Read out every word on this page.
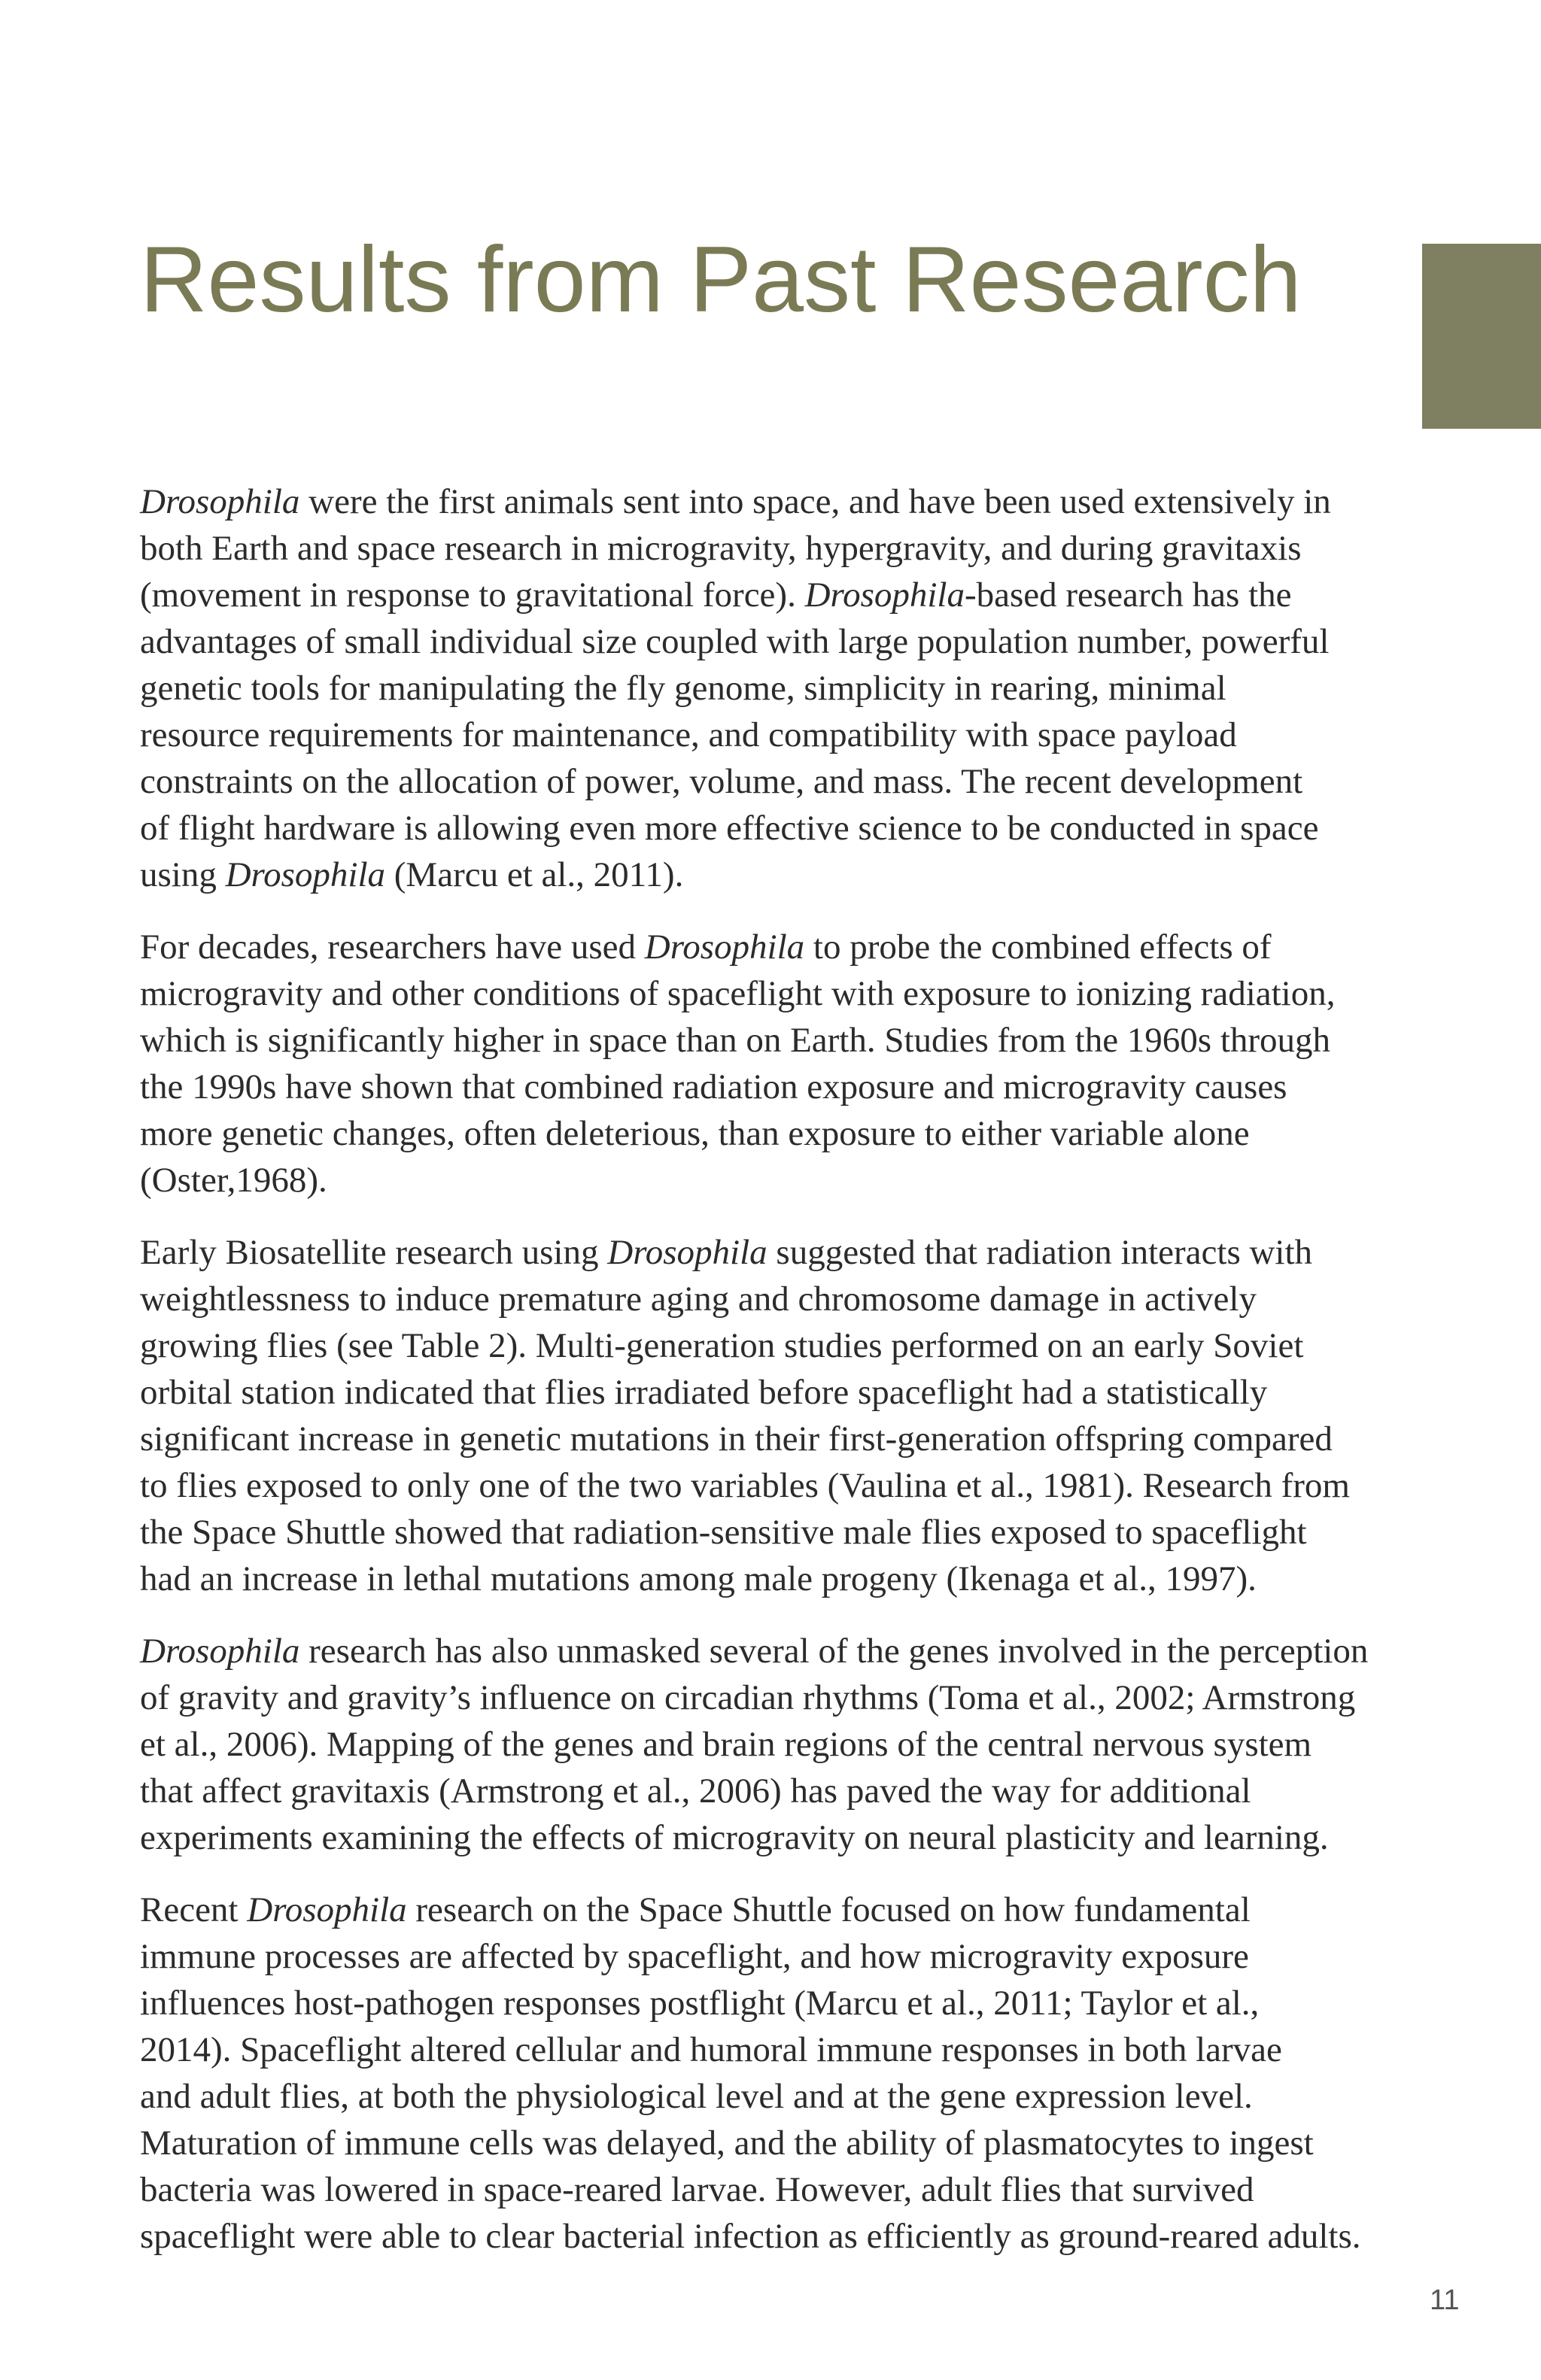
Results from Past Research

Drosophila were the first animals sent into space, and have been used extensively in
both Earth and space research in microgravity, hypergravity, and during gravitaxis
(movement in response to gravitational force). Drosophila-based research has the
advantages of small individual size coupled with large population number, powerful
genetic tools for manipulating the fly genome, simplicity in rearing, minimal
resource requirements for maintenance, and compatibility with space payload
constraints on the allocation of power, volume, and mass. The recent development
of flight hardware is allowing even more effective science to be conducted in space
using Drosophila (Marcu et al., 2011).

For decades, researchers have used Drosophila to probe the combined effects of
microgravity and other conditions of spaceflight with exposure to ionizing radiation,
which is significantly higher in space than on Earth. Studies from the 1960s through
the 1990s have shown that combined radiation exposure and microgravity causes
more genetic changes, often deleterious, than exposure to either variable alone
(Oster,1968).

Early Biosatellite research using Drosophila suggested that radiation interacts with
weightlessness to induce premature aging and chromosome damage in actively
growing flies (see Table 2). Multi-generation studies performed on an early Soviet
orbital station indicated that flies irradiated before spaceflight had a statistically
significant increase in genetic mutations in their first-generation offspring compared
to flies exposed to only one of the two variables (Vaulina et al., 1981). Research from
the Space Shuttle showed that radiation-sensitive male flies exposed to spaceflight
had an increase in lethal mutations among male progeny (Ikenaga et al., 1997).

Drosophila research has also unmasked several of the genes involved in the perception
of gravity and gravity’s influence on circadian rhythms (Toma et al., 2002; Armstrong
et al., 2006). Mapping of the genes and brain regions of the central nervous system
that affect gravitaxis (Armstrong et al., 2006) has paved the way for additional
experiments examining the effects of microgravity on neural plasticity and learning.

Recent Drosophila research on the Space Shuttle focused on how fundamental
immune processes are affected by spaceflight, and how microgravity exposure
influences host-pathogen responses postflight (Marcu et al., 2011; Taylor et al.,
2014). Spaceflight altered cellular and humoral immune responses in both larvae
and adult flies, at both the physiological level and at the gene expression level.
Maturation of immune cells was delayed, and the ability of plasmatocytes to ingest
bacteria was lowered in space-reared larvae. However, adult flies that survived
spaceflight were able to clear bacterial infection as efficiently as ground-reared adults.

11
